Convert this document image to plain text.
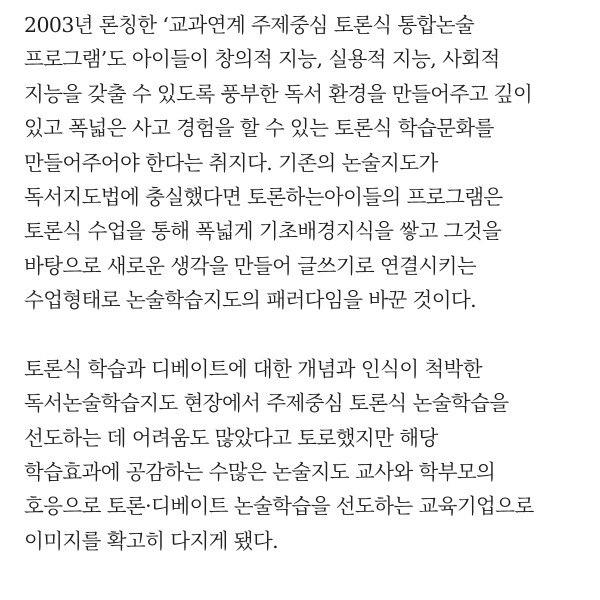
2003년 론칭한 ‘교과연계 주제중심 토론식 통합논술
프로그램’도 아이들이 창의적 지능, 실용적 지능, 사회적
지능을 갖출 수 있도록 풍부한 독서 환경을 만들어주고 깊이
있고 폭넓은 사고 경험을 할 수 있는 토론식 학습문화를
만들어주어야 한다는 취지다. 기존의 논술지도가
독서지도법에 충실했다면 토론하는아이들의 프로그램은
토론식 수업을 통해 폭넓게 기초배경지식을 쌓고 그것을
바탕으로 새로운 생각을 만들어 글쓰기로 연결시키는
수업형태로 논술학습지도의 패러다임을 바꾼 것이다.
토론식 학습과 디베이트에 대한 개념과 인식이 척박한
독서논술학습지도 현장에서 주제중심 토론식 논술학습을
선도하는 데 어려움도 많았다고 토로했지만 해당
학습효과에 공감하는 수많은 논술지도 교사와 학부모의
호응으로 토론·디베이트 논술학습을 선도하는 교육기업으로
이미지를 확고히 다지게 됐다.
